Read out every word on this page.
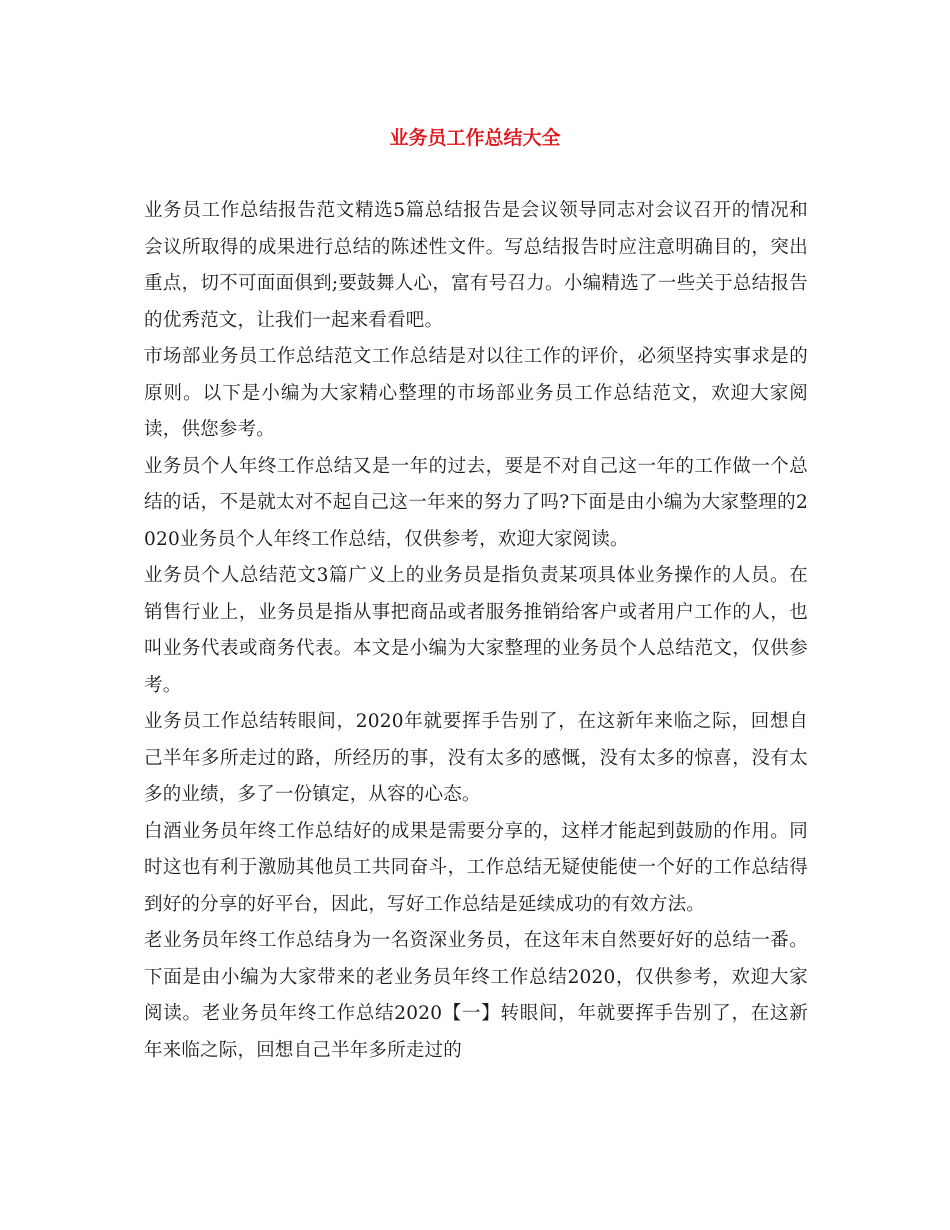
业务员工作总结大全

业务员工作总结报告范文精选5篇总结报告是会议领导同志对会议召开的情况和会议所取得的成果进行总结的陈述性文件。写总结报告时应注意明确目的，突出重点，切不可面面俱到;要鼓舞人心，富有号召力。小编精选了一些关于总结报告的优秀范文，让我们一起来看看吧。

市场部业务员工作总结范文工作总结是对以往工作的评价，必须坚持实事求是的原则。以下是小编为大家精心整理的市场部业务员工作总结范文，欢迎大家阅读，供您参考。

业务员个人年终工作总结又是一年的过去，要是不对自己这一年的工作做一个总结的话，不是就太对不起自己这一年来的努力了吗?下面是由小编为大家整理的2020业务员个人年终工作总结，仅供参考，欢迎大家阅读。

业务员个人总结范文3篇广义上的业务员是指负责某项具体业务操作的人员。在销售行业上，业务员是指从事把商品或者服务推销给客户或者用户工作的人，也叫业务代表或商务代表。本文是小编为大家整理的业务员个人总结范文，仅供参考。

业务员工作总结转眼间，2020年就要挥手告别了，在这新年来临之际，回想自己半年多所走过的路，所经历的事，没有太多的感慨，没有太多的惊喜，没有太多的业绩，多了一份镇定，从容的心态。

白酒业务员年终工作总结好的成果是需要分享的，这样才能起到鼓励的作用。同时这也有利于激励其他员工共同奋斗，工作总结无疑使能使一个好的工作总结得到好的分享的好平台，因此，写好工作总结是延续成功的有效方法。

老业务员年终工作总结身为一名资深业务员，在这年末自然要好好的总结一番。下面是由小编为大家带来的老业务员年终工作总结2020，仅供参考，欢迎大家阅读。老业务员年终工作总结2020【一】转眼间，年就要挥手告别了，在这新年来临之际，回想自己半年多所走过的
